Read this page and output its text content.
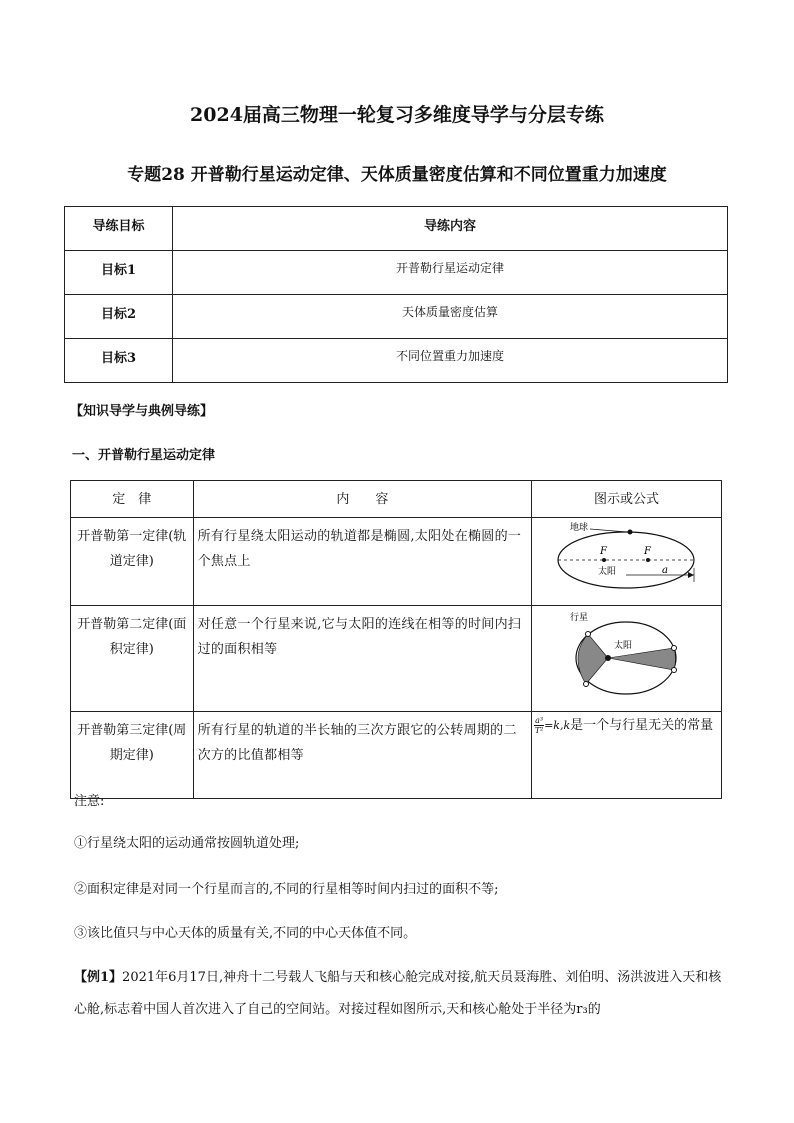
2024届高三物理一轮复习多维度导学与分层专练
专题28 开普勒行星运动定律、天体质量密度估算和不同位置重力加速度
导练目标	导练内容
目标1	开普勒行星运动定律
目标2	天体质量密度估算
目标3	不同位置重力加速度
【知识导学与典例导练】
一、开普勒行星运动定律
定　律	内　　容	图示或公式
开普勒第一定律(轨道定律)	所有行星绕太阳运动的轨道都是椭圆,太阳处在椭圆的一个焦点上	地球
F F
太阳 a

开普勒第二定律(面积定律)	对任意一个行星来说,它与太阳的连线在相等的时间内扫过的面积相等	行星
太阳

开普勒第三定律(周期定律)	所有行星的轨道的半长轴的三次方跟它的公转周期的二次方的比值都相等	$\frac{\text{a³}}{\text{T²}} =k,k$是一个与行星无关的常量
注意:
①行星绕太阳的运动通常按圆轨道处理;
②面积定律是对同一个行星而言的,不同的行星相等时间内扫过的面积不等;
③该比值只与中心天体的质量有关,不同的中心天体值不同。
【例1】2021年6月17日,神舟十二号载人飞船与天和核心舱完成对接,航天员聂海胜、刘伯明、汤洪波进入天和核心舱,标志着中国人首次进入了自己的空间站。对接过程如图所示,天和核心舱处于半径为r₃的
